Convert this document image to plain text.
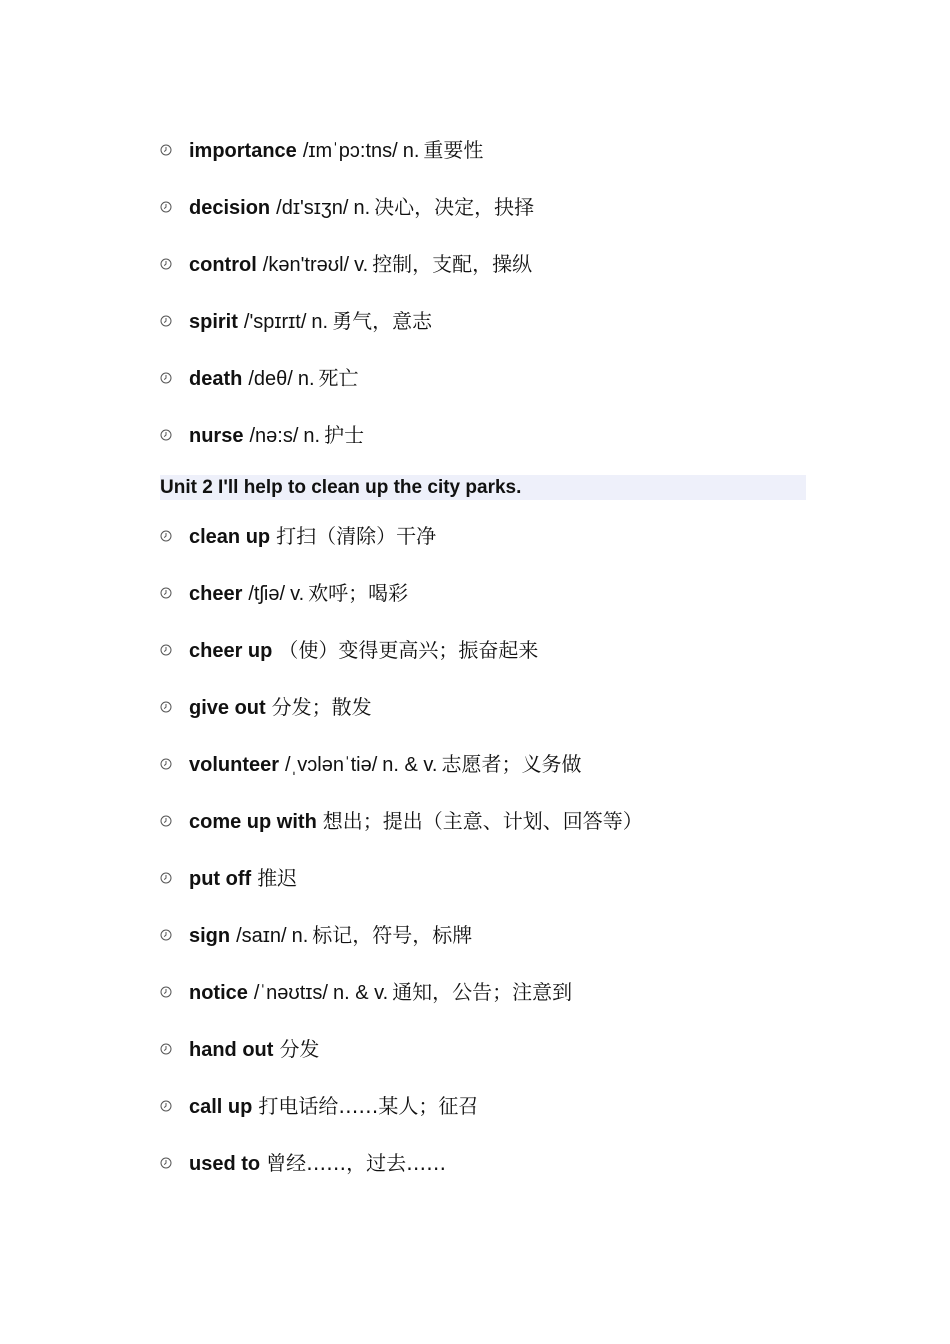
importance /ɪmˈpɔ:tns/ n. 重要性
decision /dɪ'sɪʒn/ n. 决心，决定，抉择
control /kən'trəʊl/ v. 控制，支配，操纵
spirit /'spɪrɪt/ n. 勇气，意志
death /deθ/ n. 死亡
nurse /nə:s/ n. 护士
Unit 2 I'll help to clean up the city parks.
clean up 打扫（清除）干净
cheer /tʃiə/ v. 欢呼；喝彩
cheer up （使）变得更高兴；振奋起来
give out 分发；散发
volunteer /ˌvɔlənˈtiə/ n. & v. 志愿者；义务做
come up with 想出；提出（主意、计划、回答等）
put off 推迟
sign /saɪn/ n. 标记，符号，标牌
notice /ˈnəʊtɪs/ n. & v. 通知，公告；注意到
hand out 分发
call up 打电话给……某人；征召
used to 曾经……，过去……
